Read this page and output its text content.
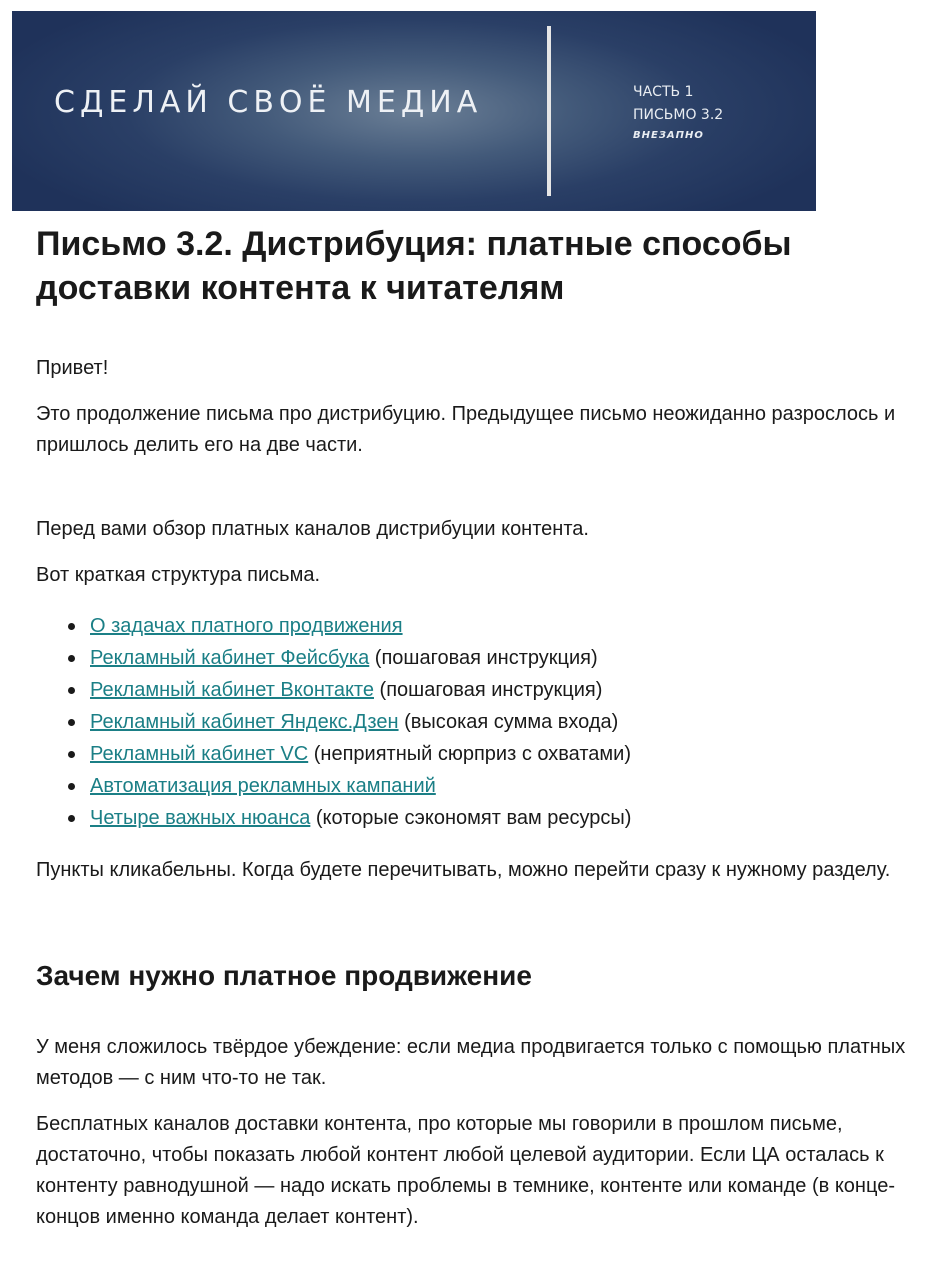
СДЕЛАЙ СВОЁ МЕДИА	ЧАСТЬ 1
ПИСЬМО 3.2
ВНЕЗАПНО
Письмо 3.2. Дистрибуция: платные способы доставки контента к читателям

Привет!

Это продолжение письма про дистрибуцию. Предыдущее письмо неожиданно разрослось и пришлось делить его на две части.

Перед вами обзор платных каналов дистрибуции контента.

Вот краткая структура письма.

О задачах платного продвижения
Рекламный кабинет Фейсбука (пошаговая инструкция)
Рекламный кабинет Вконтакте (пошаговая инструкция)
Рекламный кабинет Яндекс.Дзен (высокая сумма входа)
Рекламный кабинет VC (неприятный сюрприз с охватами)
Автоматизация рекламных кампаний
Четыре важных нюанса (которые сэкономят вам ресурсы)

Пункты кликабельны. Когда будете перечитывать, можно перейти сразу к нужному разделу.

Зачем нужно платное продвижение

У меня сложилось твёрдое убеждение: если медиа продвигается только с помощью платных методов — с ним что-то не так.

Бесплатных каналов доставки контента, про которые мы говорили в прошлом письме, достаточно, чтобы показать любой контент любой целевой аудитории. Если ЦА осталась к контенту равнодушной — надо искать проблемы в темнике, контенте или команде (в конце-концов именно команда делает контент).
